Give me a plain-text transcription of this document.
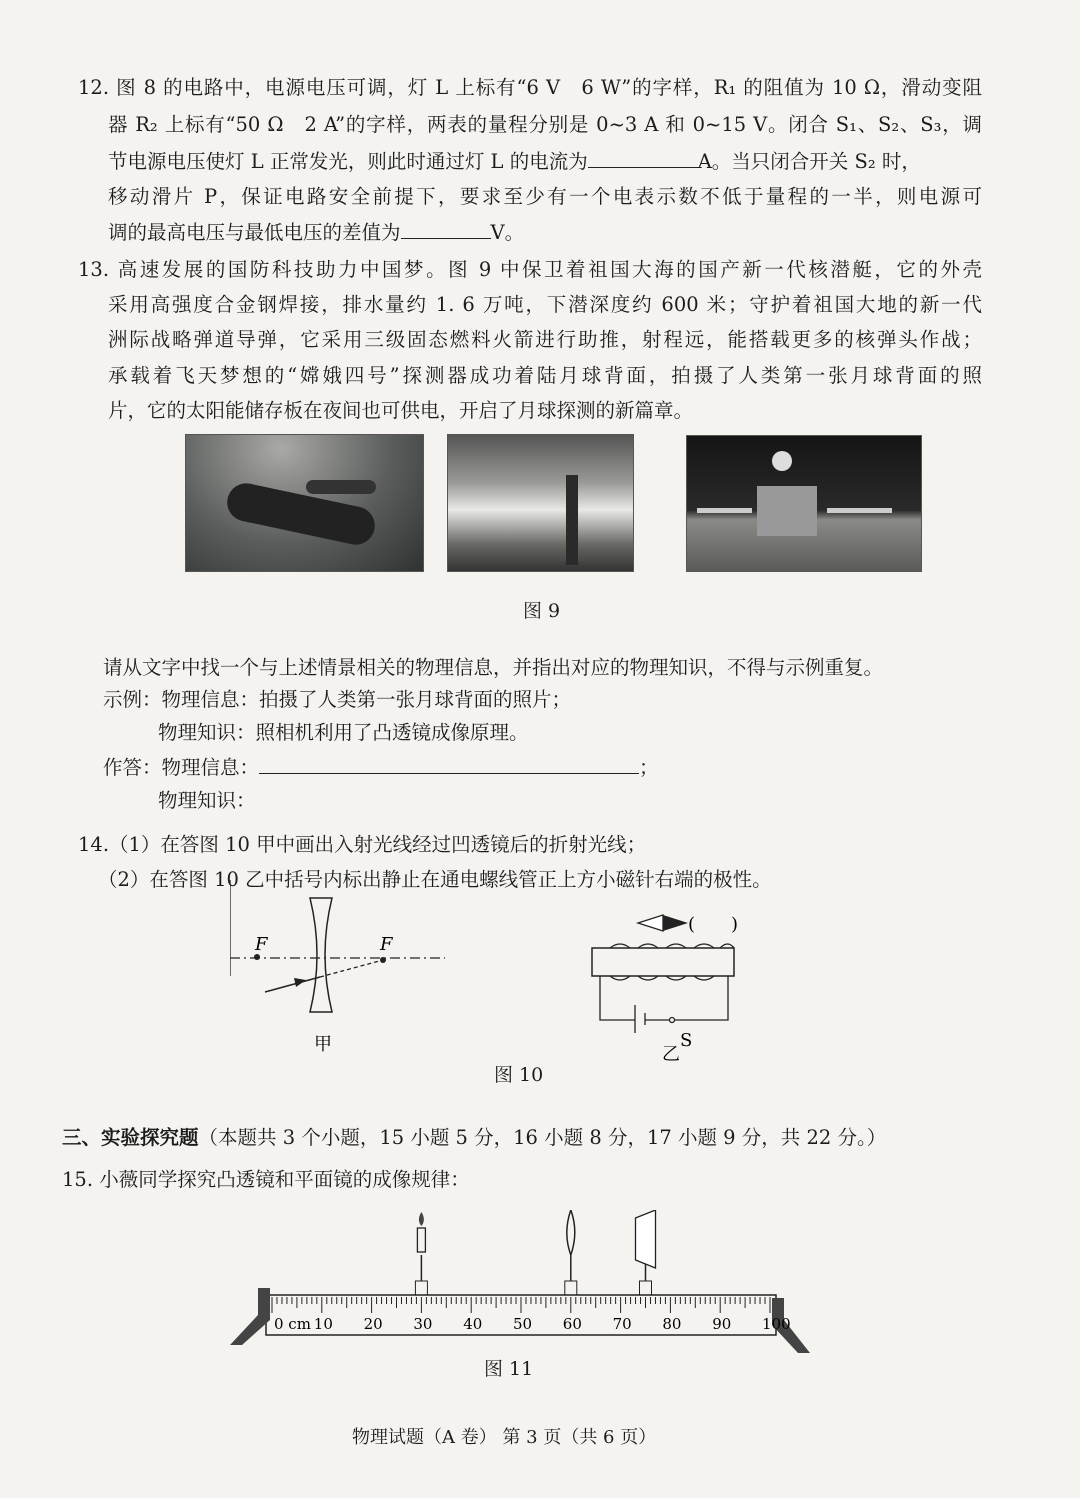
12. 图 8 的电路中，电源电压可调，灯 L 上标有“6 V　6 W”的字样，R₁ 的阻值为 10 Ω，滑动变阻
器 R₂ 上标有“50 Ω　2 A”的字样，两表的量程分别是 0~3 A 和 0~15 V。闭合 S₁、S₂、S₃，调
节电源电压使灯 L 正常发光，则此时通过灯 L 的电流为	A。当只闭合开关 S₂ 时，
移动滑片 P，保证电路安全前提下，要求至少有一个电表示数不低于量程的一半，则电源可
调的最高电压与最低电压的差值为	V。
13. 高速发展的国防科技助力中国梦。图 9 中保卫着祖国大海的国产新一代核潜艇，它的外壳
采用高强度合金钢焊接，排水量约 1. 6 万吨，下潜深度约 600 米；守护着祖国大地的新一代
洲际战略弹道导弹，它采用三级固态燃料火箭进行助推，射程远，能搭载更多的核弹头作战；
承载着飞天梦想的“嫦娥四号”探测器成功着陆月球背面，拍摄了人类第一张月球背面的照
片，它的太阳能储存板在夜间也可供电，开启了月球探测的新篇章。
图 9
请从文字中找一个与上述情景相关的物理信息，并指出对应的物理知识，不得与示例重复。
示例：物理信息：拍摄了人类第一张月球背面的照片；
物理知识：照相机利用了凸透镜成像原理。
作答：物理信息：	；
物理知识：
14.（1）在答图 10 甲中画出入射光线经过凹透镜后的折射光线；
（2）在答图 10 乙中括号内标出静止在通电螺线管正上方小磁针右端的极性。
F	F
甲
(　　)
S
乙
图 10
三、实验探究题（本题共 3 个小题，15 小题 5 分，16 小题 8 分，17 小题 9 分，共 22 分。）
15. 小薇同学探究凸透镜和平面镜的成像规律：
0 cm 10 20 30 40 50 60 70 80 90 100
图 11
物理试题（A 卷） 第 3 页（共 6 页）
